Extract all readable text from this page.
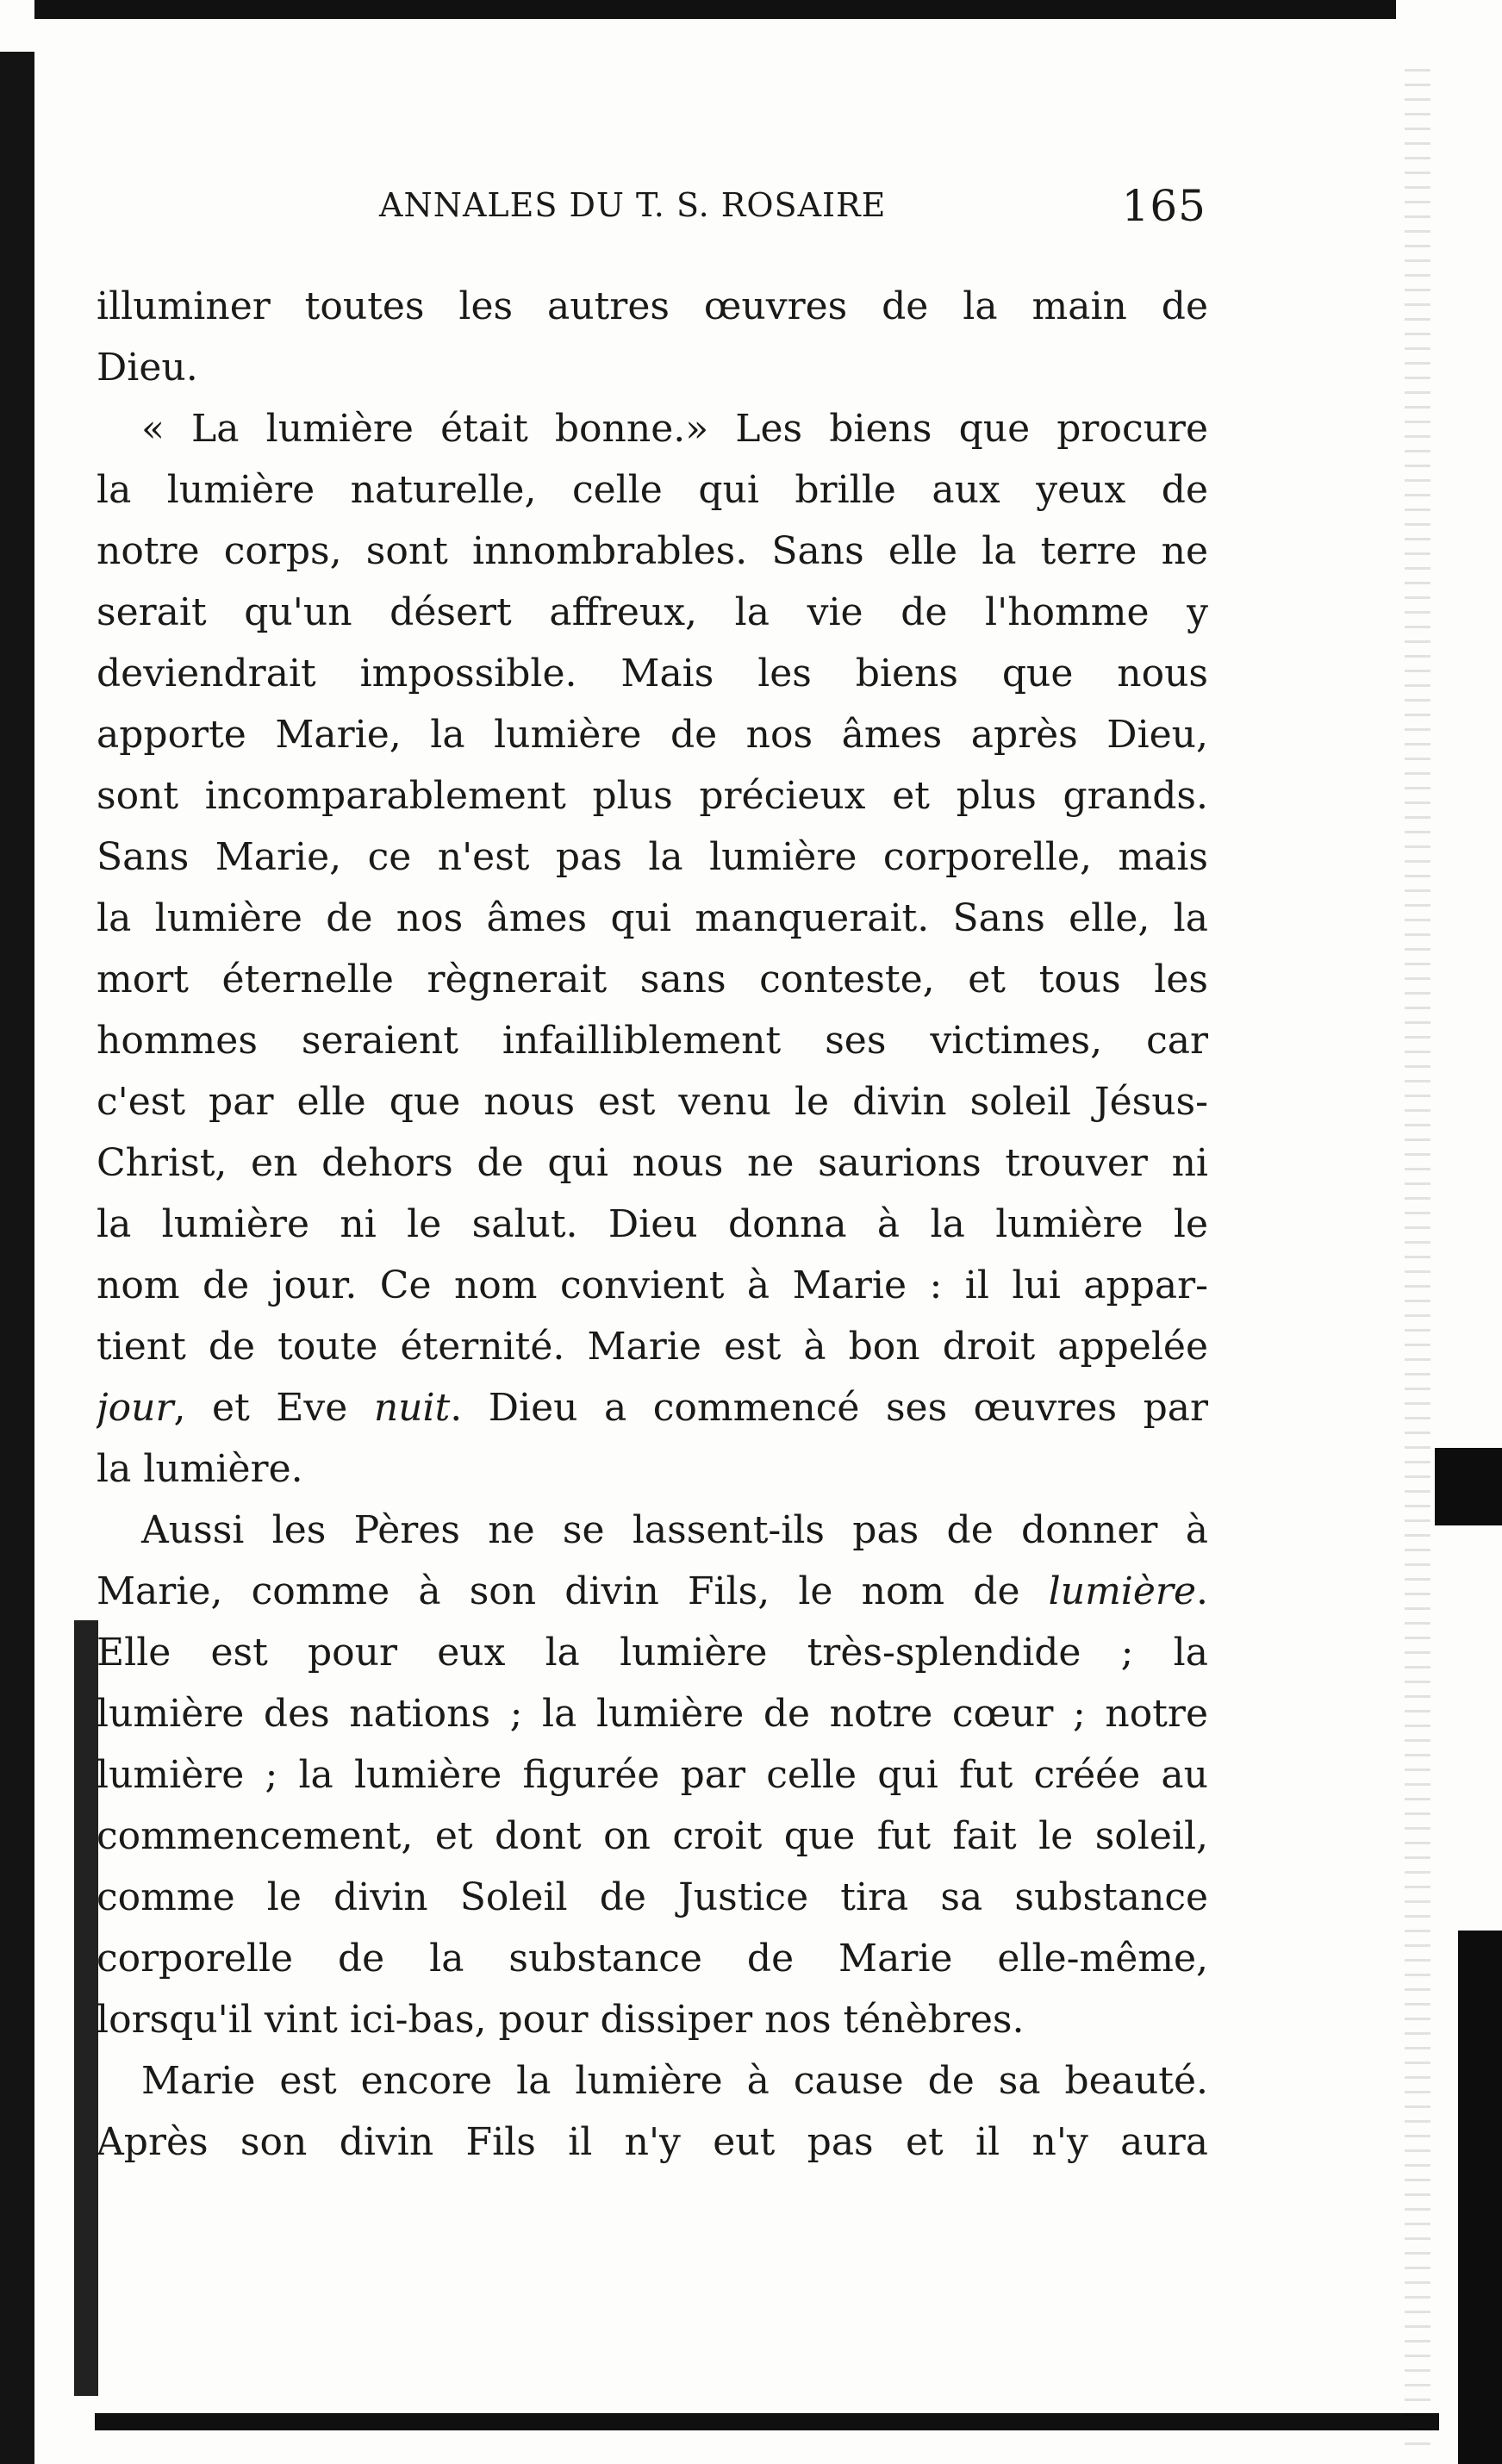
ANNALES DU T. S. ROSAIRE	165
illuminer toutes les autres œuvres de la main de
Dieu.
« La lumière était bonne.» Les biens que procure
la lumière naturelle, celle qui brille aux yeux de
notre corps, sont innombrables. Sans elle la terre ne
serait qu'un désert affreux, la vie de l'homme y
deviendrait impossible. Mais les biens que nous
apporte Marie, la lumière de nos âmes après Dieu,
sont incomparablement plus précieux et plus grands.
Sans Marie, ce n'est pas la lumière corporelle, mais
la lumière de nos âmes qui manquerait. Sans elle, la
mort éternelle règnerait sans conteste, et tous les
hommes seraient infailliblement ses victimes, car
c'est par elle que nous est venu le divin soleil Jésus-
Christ, en dehors de qui nous ne saurions trouver ni
la lumière ni le salut. Dieu donna à la lumière le
nom de jour. Ce nom convient à Marie : il lui appar-
tient de toute éternité. Marie est à bon droit appelée
jour, et Eve nuit. Dieu a commencé ses œuvres par
la lumière.
Aussi les Pères ne se lassent-ils pas de donner à
Marie, comme à son divin Fils, le nom de lumière.
Elle est pour eux la lumière très-splendide ; la
lumière des nations ; la lumière de notre cœur ; notre
lumière ; la lumière figurée par celle qui fut créée au
commencement, et dont on croit que fut fait le soleil,
comme le divin Soleil de Justice tira sa substance
corporelle de la substance de Marie elle-même,
lorsqu'il vint ici-bas, pour dissiper nos ténèbres.
Marie est encore la lumière à cause de sa beauté.
Après son divin Fils il n'y eut pas et il n'y aura
